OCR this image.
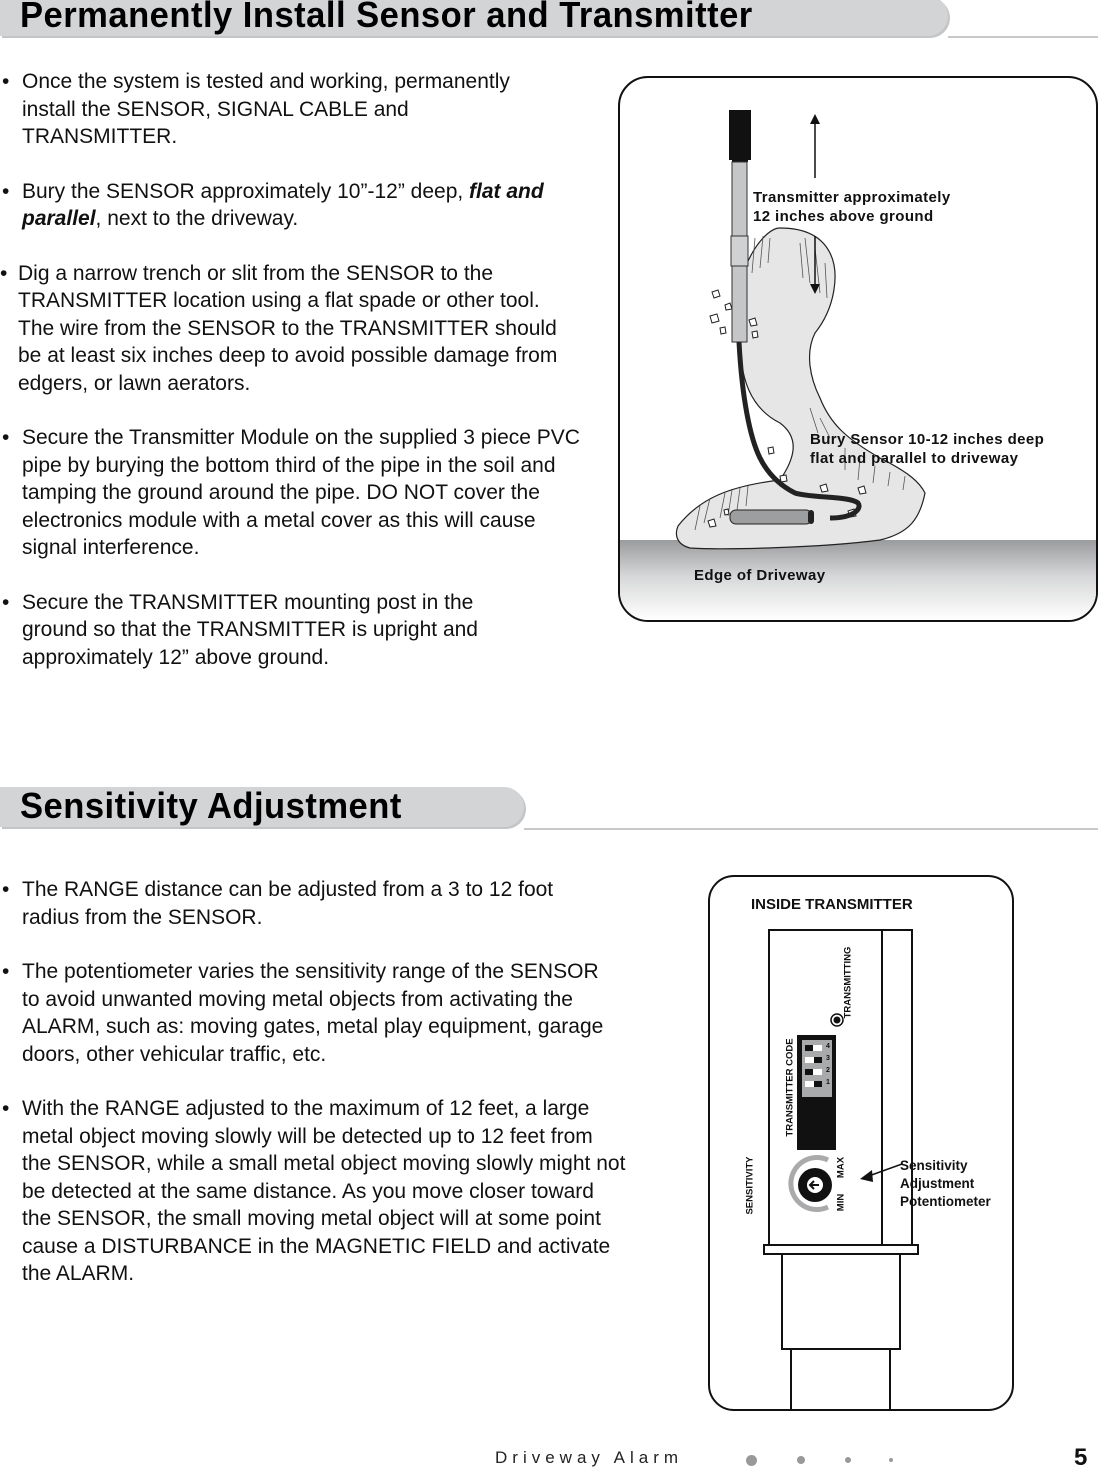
Permanently Install Sensor and Transmitter
• Once the system is tested and working, permanently
install the SENSOR, SIGNAL CABLE and
TRANSMITTER.
• Bury the SENSOR approximately 10”-12” deep, flat and parallel, next to the driveway.
• Dig a narrow trench or slit from the SENSOR to the TRANSMITTER location using a flat spade or other tool. The wire from the SENSOR to the TRANSMITTER should be at least six inches deep to avoid possible damage from edgers, or lawn aerators.
• Secure the Transmitter Module on the supplied 3 piece PVC pipe by burying the bottom third of the pipe in the soil and tamping the ground around the pipe. DO NOT cover the electronics module with a metal cover as this will cause signal interference.
• Secure the TRANSMITTER mounting post in the ground so that the TRANSMITTER is upright and approximately 12” above ground.
Transmitter approximately
12 inches above ground
Bury Sensor 10-12 inches deep
flat and parallel to driveway
Edge of Driveway
Sensitivity Adjustment
• The RANGE distance can be adjusted from a 3 to 12 foot radius from the SENSOR.
• The potentiometer varies the sensitivity range of the SENSOR to avoid unwanted moving metal objects from activating the ALARM, such as: moving gates, metal play equipment, garage doors, other vehicular traffic, etc.
• With the RANGE adjusted to the maximum of 12 feet, a large metal object moving slowly will be detected up to 12 feet from the SENSOR, while a small metal object moving slowly might not be detected at the same distance. As you move closer toward the SENSOR, the small moving metal object will at some point cause a DISTURBANCE in the MAGNETIC FIELD and activate the ALARM.
INSIDE TRANSMITTER
TRANSMITTING
TRANSMITTER CODE	4
3
2
1
SENSITIVITY	MAX
MIN
Sensitivity
Adjustment
Potentiometer
Driveway Alarm	5
